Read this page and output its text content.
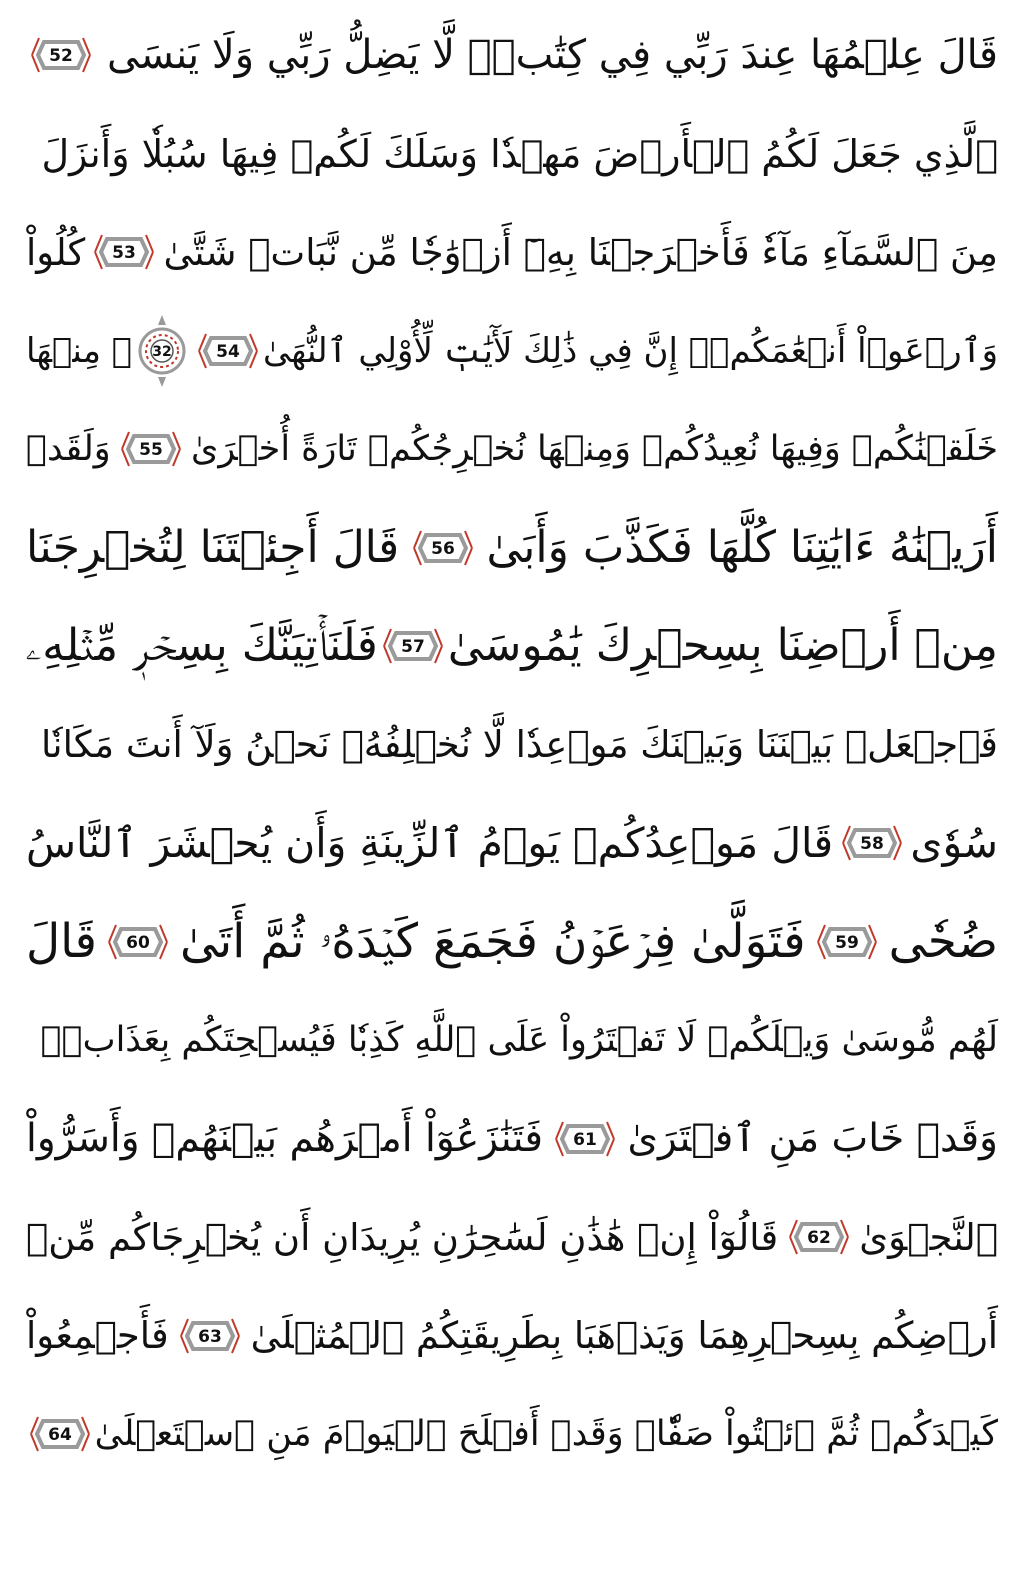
قَالَ عِلۡمُهَا عِندَ رَبِّي فِي كِتَٰبٖۖ لَّا يَضِلُّ رَبِّي وَلَا يَنسَى
52
ٱلَّذِي جَعَلَ لَكُمُ ٱلۡأَرۡضَ مَهۡدٗا وَسَلَكَ لَكُمۡ فِيهَا سُبُلٗا وَأَنزَلَ
مِنَ ٱلسَّمَآءِ مَآءٗ فَأَخۡرَجۡنَا بِهِۦٓ أَزۡوَٰجٗا مِّن نَّبَاتٖ شَتَّىٰ
53
كُلُواْ
وَٱرۡعَوۡاْ أَنۡعَٰمَكُمۡۚ إِنَّ فِي ذَٰلِكَ لَأٓيَٰتٖ لِّأُوْلِي ٱلنُّهَىٰ
54
32
۞ مِنۡهَا
خَلَقۡنَٰكُمۡ وَفِيهَا نُعِيدُكُمۡ وَمِنۡهَا نُخۡرِجُكُمۡ تَارَةً أُخۡرَىٰ
55
وَلَقَدۡ
أَرَيۡنَٰهُ ءَايَٰتِنَا كُلَّهَا فَكَذَّبَ وَأَبَىٰ
56
قَالَ أَجِئۡتَنَا لِتُخۡرِجَنَا
مِنۡ أَرۡضِنَا بِسِحۡرِكَ يَٰمُوسَىٰ
57
فَلَنَأۡتِيَنَّكَ بِسِحۡرٖ مِّثۡلِهِۦ
فَٱجۡعَلۡ بَيۡنَنَا وَبَيۡنَكَ مَوۡعِدٗا لَّا نُخۡلِفُهُۥ نَحۡنُ وَلَآ أَنتَ مَكَانٗا
سُوٗى
58
قَالَ مَوۡعِدُكُمۡ يَوۡمُ ٱلزِّينَةِ وَأَن يُحۡشَرَ ٱلنَّاسُ
ضُحٗى
59
فَتَوَلَّىٰ فِرۡعَوۡنُ فَجَمَعَ كَيۡدَهُۥ ثُمَّ أَتَىٰ
60
قَالَ
لَهُم مُّوسَىٰ وَيۡلَكُمۡ لَا تَفۡتَرُواْ عَلَى ٱللَّهِ كَذِبٗا فَيُسۡحِتَكُم بِعَذَابٖۖ
وَقَدۡ خَابَ مَنِ ٱفۡتَرَىٰ
61
فَتَنَٰزَعُوٓاْ أَمۡرَهُم بَيۡنَهُمۡ وَأَسَرُّواْ
ٱلنَّجۡوَىٰ
62
قَالُوٓاْ إِنۡ هَٰذَٰنِ لَسَٰحِرَٰنِ يُرِيدَانِ أَن يُخۡرِجَاكُم مِّنۡ
أَرۡضِكُم بِسِحۡرِهِمَا وَيَذۡهَبَا بِطَرِيقَتِكُمُ ٱلۡمُثۡلَىٰ
63
فَأَجۡمِعُواْ
كَيۡدَكُمۡ ثُمَّ ٱئۡتُواْ صَفّٗاۚ وَقَدۡ أَفۡلَحَ ٱلۡيَوۡمَ مَنِ ٱسۡتَعۡلَىٰ
64
